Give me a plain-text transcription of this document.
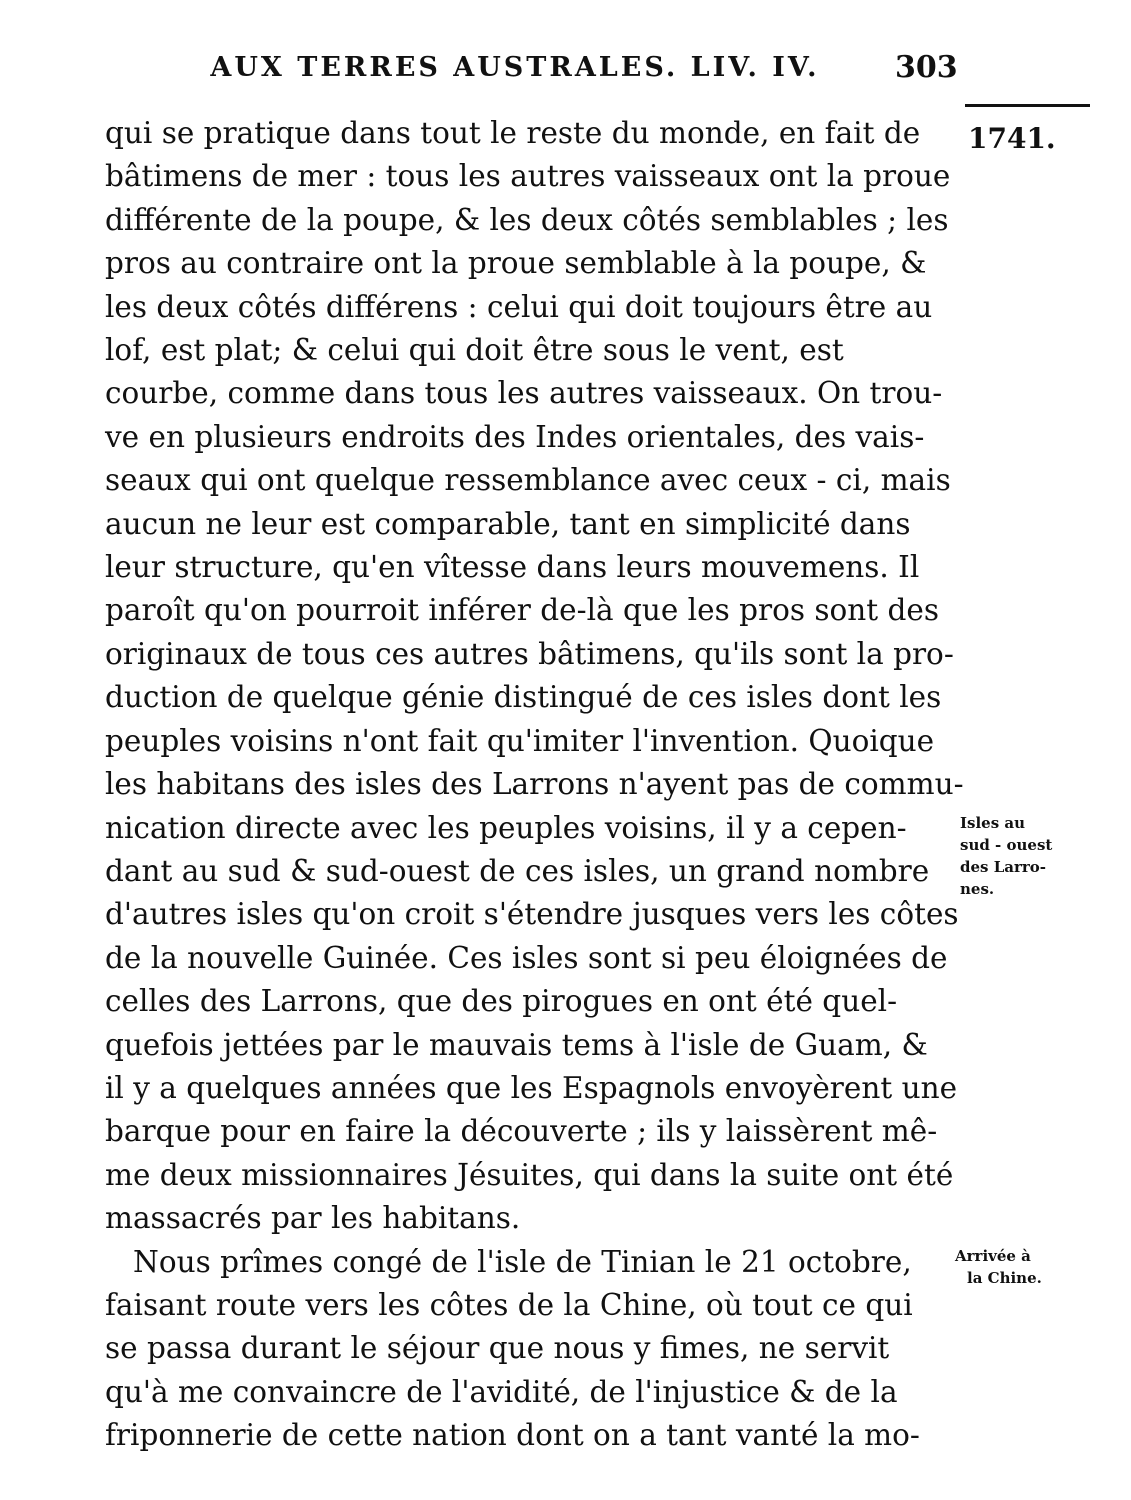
AUX TERRES AUSTRALES. LIV. IV.	303
1741.
qui se pratique dans tout le reste du monde, en fait de
bâtimens de mer : tous les autres vaisseaux ont la proue
différente de la poupe, & les deux côtés semblables ; les
pros au contraire ont la proue semblable à la poupe, &
les deux côtés différens : celui qui doit toujours être au
lof, est plat; & celui qui doit être sous le vent, est
courbe, comme dans tous les autres vaisseaux. On trou-
ve en plusieurs endroits des Indes orientales, des vais-
seaux qui ont quelque ressemblance avec ceux - ci, mais
aucun ne leur est comparable, tant en simplicité dans
leur structure, qu'en vîtesse dans leurs mouvemens. Il
paroît qu'on pourroit inférer de-là que les pros sont des
originaux de tous ces autres bâtimens, qu'ils sont la pro-
duction de quelque génie distingué de ces isles dont les
peuples voisins n'ont fait qu'imiter l'invention. Quoique
les habitans des isles des Larrons n'ayent pas de commu-
nication directe avec les peuples voisins, il y a cepen-
dant au sud & sud-ouest de ces isles, un grand nombre
d'autres isles qu'on croit s'étendre jusques vers les côtes
de la nouvelle Guinée. Ces isles sont si peu éloignées de
celles des Larrons, que des pirogues en ont été quel-
quefois jettées par le mauvais tems à l'isle de Guam, &
il y a quelques années que les Espagnols envoyèrent une
barque pour en faire la découverte ; ils y laissèrent mê-
me deux missionnaires Jésuites, qui dans la suite ont été
massacrés par les habitans.
Nous prîmes congé de l'isle de Tinian le 21 octobre,
faisant route vers les côtes de la Chine, où tout ce qui
se passa durant le séjour que nous y fimes, ne servit
qu'à me convaincre de l'avidité, de l'injustice & de la
friponnerie de cette nation dont on a tant vanté la mo-
Isles au
sud - ouest
des Larro-
nes.
Arrivée à
la Chine.
